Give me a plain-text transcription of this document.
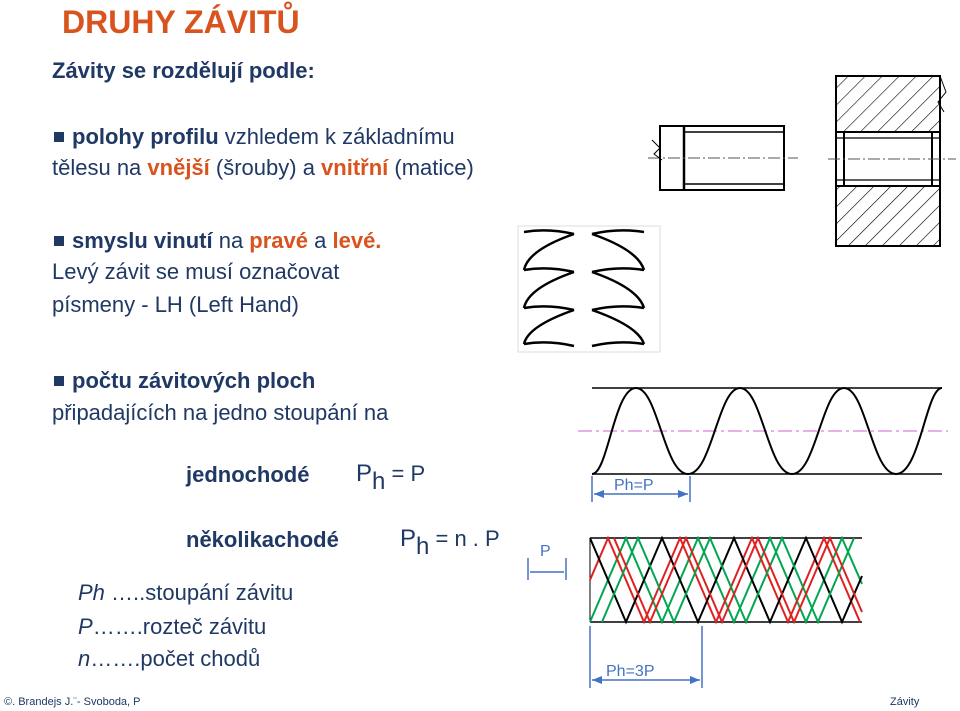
DRUHY ZÁVITŮ
Závity se rozdělují podle:
polohy profilu vzhledem k základnímu
tělesu na vnější (šrouby) a vnitřní (matice)
smyslu vinutí na pravé a levé.
Levý závit se musí označovat
písmeny - LH (Left Hand)
počtu závitových ploch
připadajících na jedno stoupání na
jednochodé Ph = P
několikachodé	Ph = n . P
Ph …..stoupání závitu
P…….rozteč závitu
n…….počet chodů
©. Brandejs J.¨- Svoboda, P	Závity
Ph=P
P
Ph=3P
